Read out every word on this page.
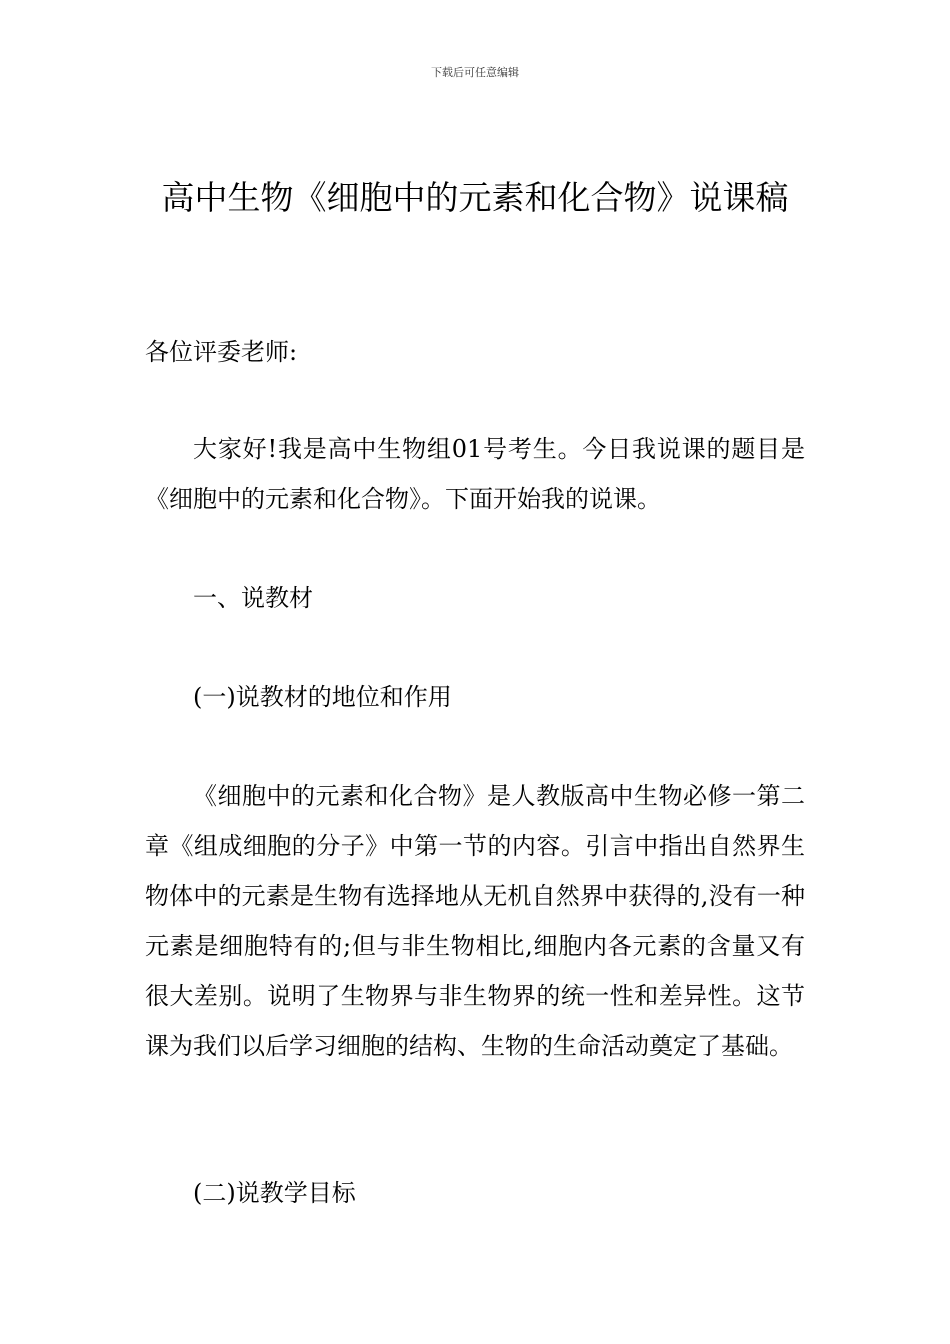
下载后可任意编辑
高中生物《细胞中的元素和化合物》说课稿

各位评委老师:

大家好!我是高中生物组01号考生。今日我说课的题目是《细胞中的元素和化合物》。下面开始我的说课。

一、说教材

(一)说教材的地位和作用

《细胞中的元素和化合物》是人教版高中生物必修一第二章《组成细胞的分子》中第一节的内容。引言中指出自然界生物体中的元素是生物有选择地从无机自然界中获得的,没有一种元素是细胞特有的;但与非生物相比,细胞内各元素的含量又有很大差别。说明了生物界与非生物界的统一性和差异性。这节课为我们以后学习细胞的结构、生物的生命活动奠定了基础。

(二)说教学目标
